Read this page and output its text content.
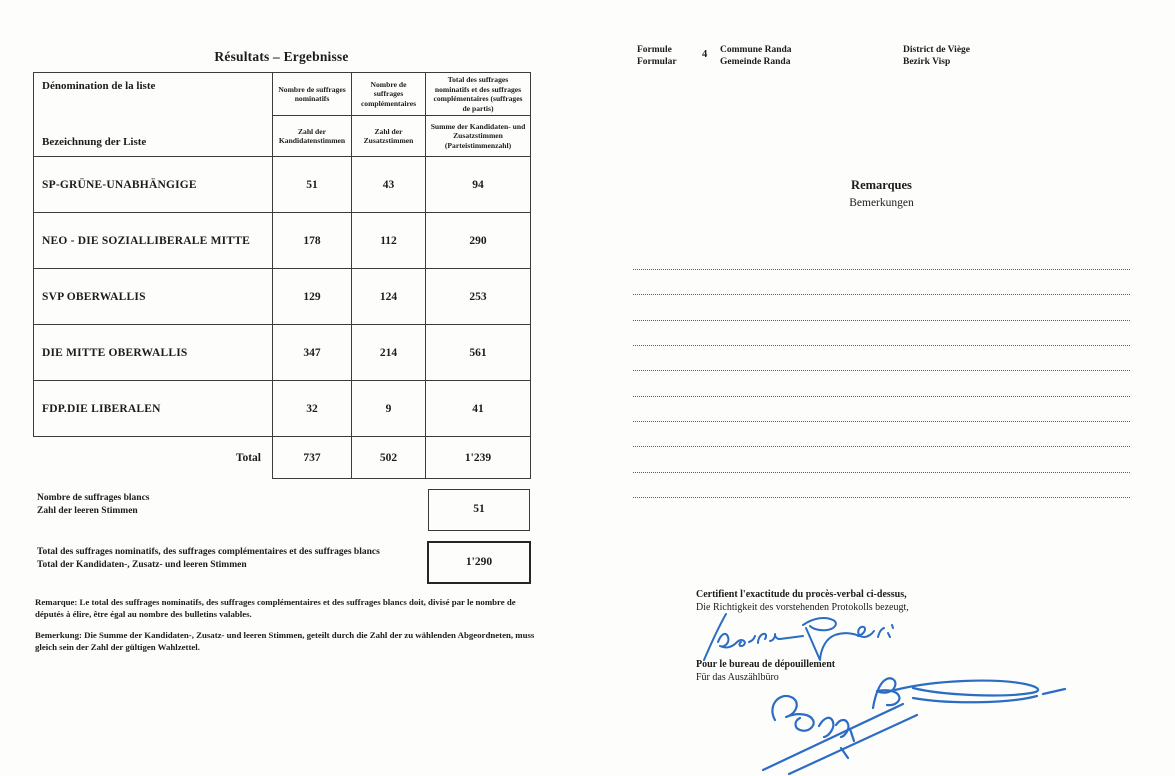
Résultats – Ergebnisse
Dénomination de la liste
Bezeichnung der Liste	Nombre de suffrages nominatifs	Nombre de suffrages complémentaires	Total des suffrages nominatifs et des suffrages complémentaires (suffrages de partis)
	Zahl der Kandidatenstimmen	Zahl der Zusatzstimmen	Summe der Kandidaten- und Zusatzstimmen (Parteistimmenzahl)
SP-GRÜNE-UNABHÄNGIGE	51	43	94
NEO - DIE SOZIALLIBERALE MITTE	178	112	290
SVP OBERWALLIS	129	124	253
DIE MITTE OBERWALLIS	347	214	561
FDP.DIE LIBERALEN	32	9	41
Total	737	502	1'239
Nombre de suffrages blancs
Zahl der leeren Stimmen	51
Total des suffrages nominatifs, des suffrages complémentaires et des suffrages blancs
Total der Kandidaten-, Zusatz- und leeren Stimmen	1'290
Remarque: Le total des suffrages nominatifs, des suffrages complémentaires et des suffrages blancs doit, divisé par le nombre de députés à élire, être égal au nombre des bulletins valables.
Bemerkung: Die Summe der Kandidaten-, Zusatz- und leeren Stimmen, geteilt durch die Zahl der zu wählenden Abgeordneten, muss gleich sein der Zahl der gültigen Wahlzettel.
Formule
Formular
4 Commune Randa
Gemeinde Randa
District de Viège
Bezirk Visp
Remarques
Bemerkungen
Certifient l'exactitude du procès-verbal ci-dessus,
Die Richtigkeit des vorstehenden Protokolls bezeugt,
Pour le bureau de dépouillement
Für das Auszählbüro
